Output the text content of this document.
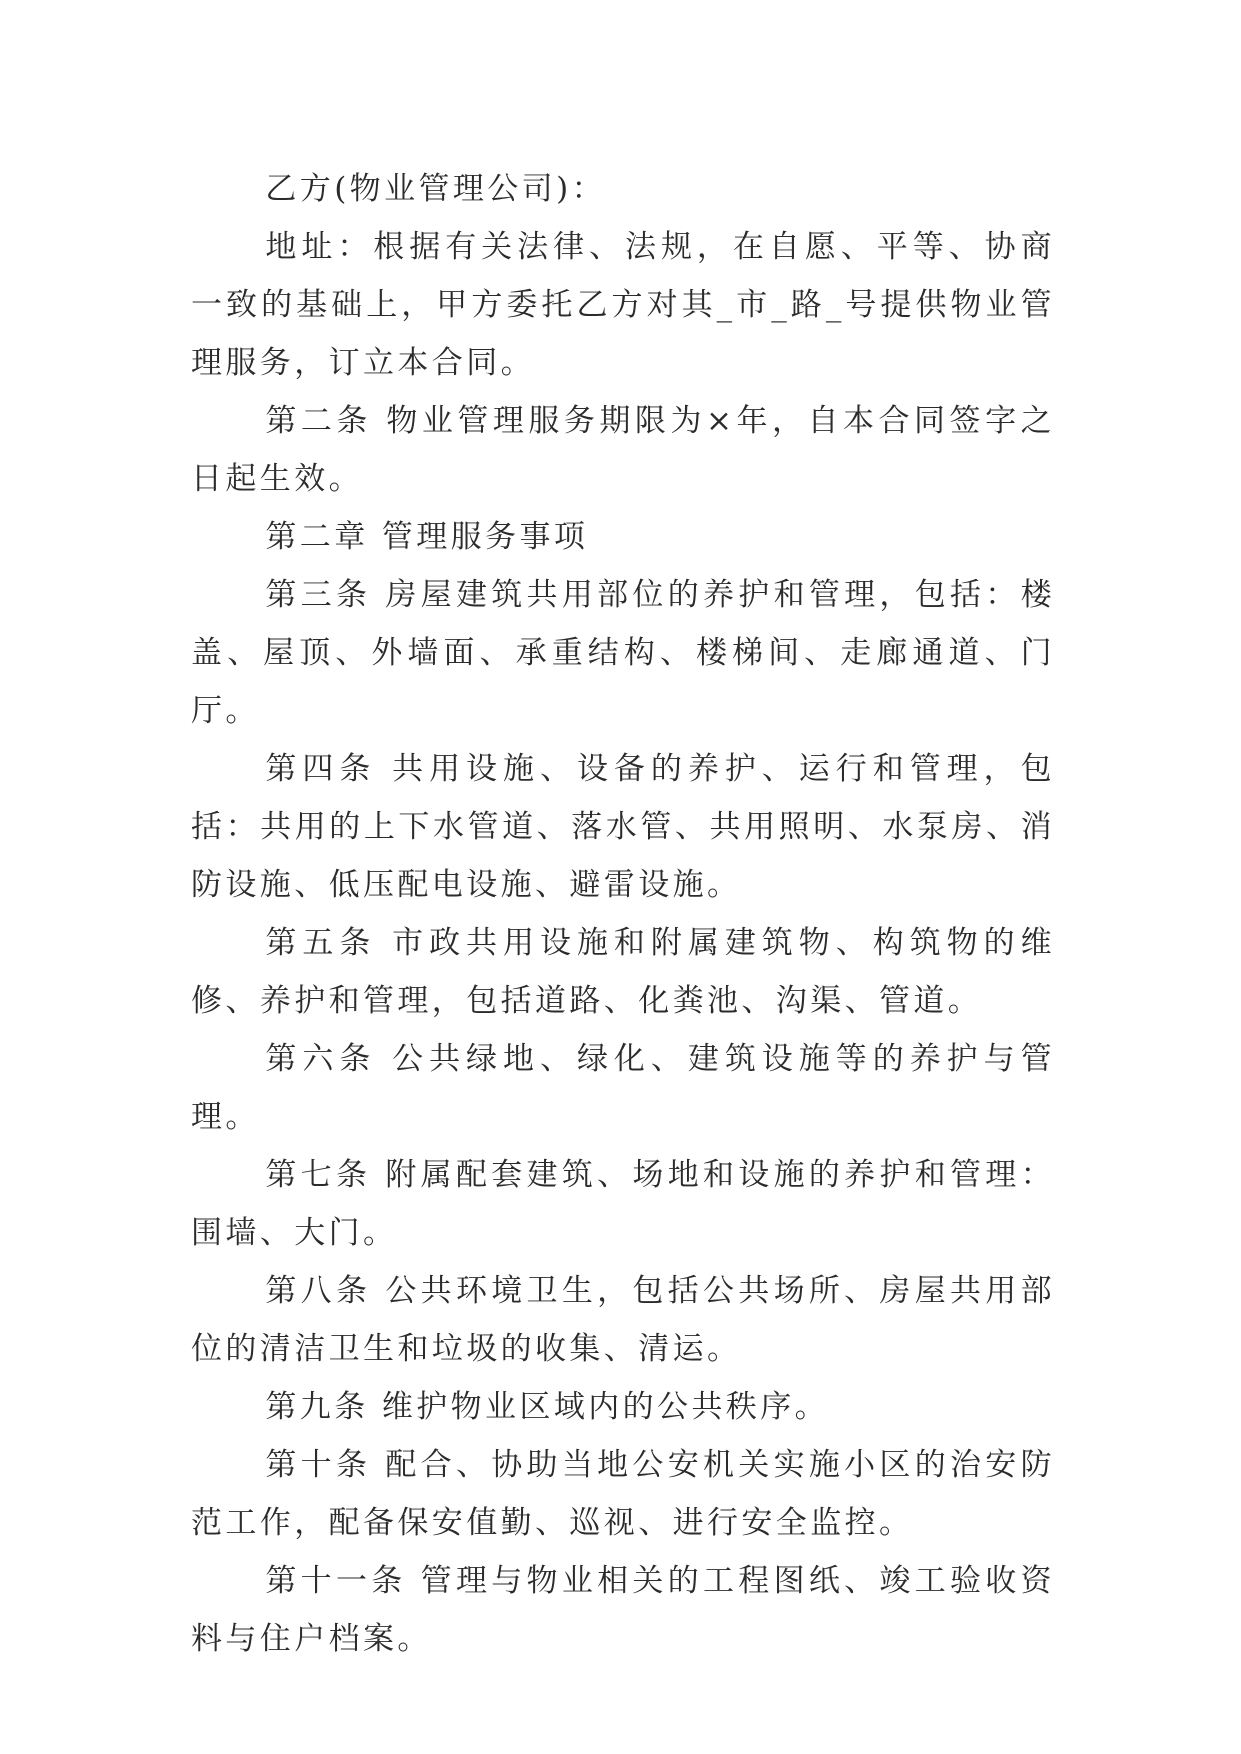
乙方(物业管理公司)：

地址：根据有关法律、法规，在自愿、平等、协商一致的基础上，甲方委托乙方对其_市_路_号提供物业管理服务，订立本合同。

第二条 物业管理服务期限为×年，自本合同签字之日起生效。

第二章 管理服务事项

第三条 房屋建筑共用部位的养护和管理，包括：楼盖、屋顶、外墙面、承重结构、楼梯间、走廊通道、门厅。

第四条 共用设施、设备的养护、运行和管理，包括：共用的上下水管道、落水管、共用照明、水泵房、消防设施、低压配电设施、避雷设施。

第五条 市政共用设施和附属建筑物、构筑物的维修、养护和管理，包括道路、化粪池、沟渠、管道。

第六条 公共绿地、绿化、建筑设施等的养护与管理。

第七条 附属配套建筑、场地和设施的养护和管理：围墙、大门。

第八条 公共环境卫生，包括公共场所、房屋共用部位的清洁卫生和垃圾的收集、清运。

第九条 维护物业区域内的公共秩序。

第十条 配合、协助当地公安机关实施小区的治安防范工作，配备保安值勤、巡视、进行安全监控。

第十一条 管理与物业相关的工程图纸、竣工验收资料与住户档案。
